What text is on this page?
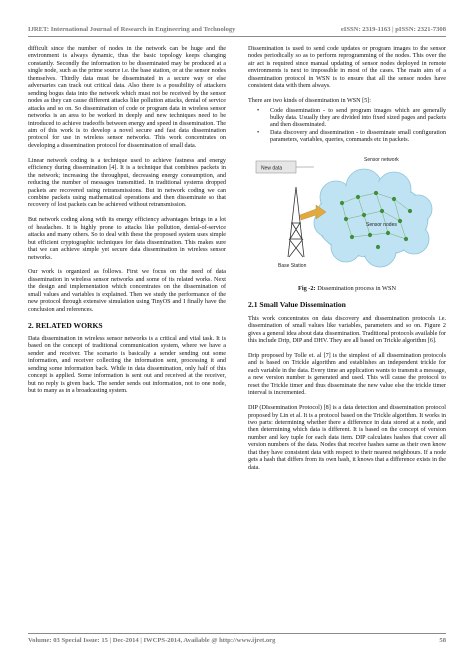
IJRET: International Journal of Research in Engineering and Technology	eISSN: 2319-1163 | pISSN: 2321-7308

difficult since the number of nodes in the network can be huge and the environment is always dynamic, thus the basic topology keeps changing constantly. Secondly the information to be disseminated may be produced at a single node, such as the prime source i.e. the base station, or at the sensor nodes themselves. Thirdly data must be disseminated in a secure way or else adversaries can track out critical data. Also there is a possibility of attackers sending bogus data into the network which must not be received by the sensor nodes as they can cause different attacks like pollution attacks, denial of service attacks and so on. So dissemination of code or program data in wireless sensor networks is an area to be worked in deeply and new techniques need to be introduced to achieve tradeoffs between energy and speed in dissemination. The aim of this work is to develop a novel secure and fast data dissemination protocol for use in wireless sensor networks. This work concentrates on developing a dissemination protocol for dissemination of small data.

Linear network coding is a technique used to achieve fastness and energy efficiency during dissemination [4]. It is a technique that combines packets in the network; increasing the throughput, decreasing energy consumption, and reducing the number of messages transmitted. In traditional systems dropped packets are recovered using retransmissions. But in network coding we can combine packets using mathematical operations and then disseminate so that recovery of lost packets can be achieved without retransmission.

But network coding along with its energy efficiency advantages brings in a lot of headaches. It is highly prone to attacks like pollution, denial-of-service attacks and many others. So to deal with these the proposed system uses simple but efficient cryptographic techniques for data dissemination. This makes sure that we can achieve simple yet secure data dissemination in wireless sensor networks.

Our work is organized as follows. First we focus on the need of data dissemination in wireless sensor networks and some of its related works. Next the design and implementation which concentrates on the dissemination of small values and variables is explained. Then we study the performance of the new protocol through extensive simulation using TinyOS and I finally have the conclusion and references.

2. RELATED WORKS

Data dissemination in wireless sensor networks is a critical and vital task. It is based on the concept of traditional communication system, where we have a sender and receiver. The scenario is basically a sender sending out some information, and receiver collecting the information sent, processing it and sending some information back. While in data dissemination, only half of this concept is applied. Some information is sent out and received at the receiver, but no reply is given back. The sender sends out information, not to one node, but to many as in a broadcasting system.

Dissemination is used to send code updates or program images to the sensor nodes periodically so as to perform reprogramming of the nodes. This over the air act is required since manual updating of sensor nodes deployed in remote environments is next to impossible in most of the cases. The main aim of a dissemination protocol in WSN is to ensure that all the sensor nodes have consistent data with them always.

There are two kinds of dissemination in WSN [5]:

• Code dissemination - to send program images which are generally bulky data. Usually they are divided into fixed sized pages and packets and then disseminated.
• Data discovery and dissemination - to disseminate small configuration parameters, variables, queries, commands etc in packets.
New data
Sensor network
Sensor nodes
Base Station
Fig -2: Dissemination process in WSN
2.1 Small Value Dissemination

This work concentrates on data discovery and dissemination protocols i.e. dissemination of small values like variables, parameters and so on. Figure 2 gives a general idea about data dissemination. Traditional protocols available for this include Drip, DIP and DHV. They are all based on Trickle algorithm [6].

Drip proposed by Tolle et. al [7] is the simplest of all dissemination protocols and is based on Trickle algorithm and establishes an independent trickle for each variable in the data. Every time an application wants to transmit a message, a new version number is generated and used. This will cause the protocol to reset the Trickle timer and thus disseminate the new value else the trickle timer interval is incremented.

DIP (DIssemination Protocol) [8] is a data detection and dissemination protocol proposed by Lin et al. It is a protocol based on the Trickle algorithm. It works in two parts: determining whether there a difference in data stored at a node, and then determining which data is different. It is based on the concept of version number and key tuple for each data item. DIP calculates hashes that cover all version numbers of the data. Nodes that receive hashes same as their own know that they have consistent data with respect to their nearest neighbours. If a node gets a hash that differs from its own hash, it knows that a difference exists in the data.

Volume: 03 Special Issue: 15 | Dec-2014 | IWCPS-2014, Available @ http://www.ijret.org	58
